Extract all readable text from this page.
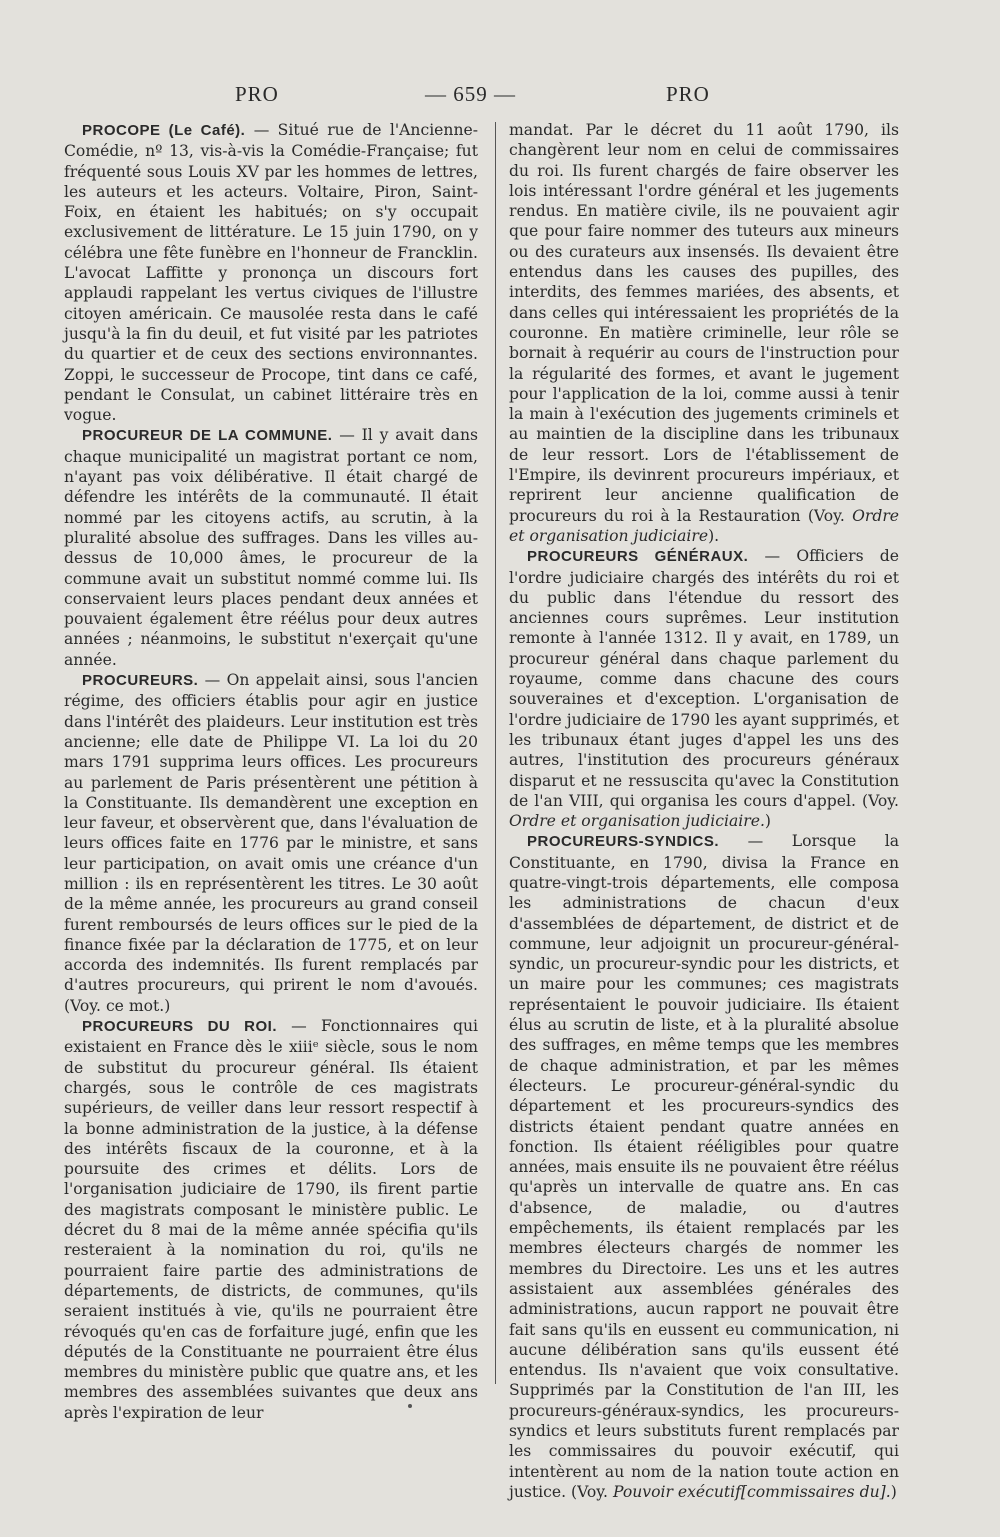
PRO	— 659 —	PRO

PROCOPE (Le Café). — Situé rue de l'Ancienne-Comédie, nº 13, vis-à-vis la Comédie-Française; fut fréquenté sous Louis XV par les hommes de lettres, les auteurs et les acteurs. Voltaire, Piron, Saint-Foix, en étaient les habitués; on s'y occupait exclusivement de littérature. Le 15 juin 1790, on y célébra une fête funèbre en l'honneur de Francklin. L'avocat Laffitte y prononça un discours fort applaudi rappelant les vertus civiques de l'illustre citoyen américain. Ce mausolée resta dans le café jusqu'à la fin du deuil, et fut visité par les patriotes du quartier et de ceux des sections environnantes. Zoppi, le successeur de Procope, tint dans ce café, pendant le Consulat, un cabinet littéraire très en vogue.

PROCUREUR DE LA COMMUNE. — Il y avait dans chaque municipalité un magistrat portant ce nom, n'ayant pas voix délibérative. Il était chargé de défendre les intérêts de la communauté. Il était nommé par les citoyens actifs, au scrutin, à la pluralité absolue des suffrages. Dans les villes au-dessus de 10,000 âmes, le procureur de la commune avait un substitut nommé comme lui. Ils conservaient leurs places pendant deux années et pouvaient également être réélus pour deux autres années ; néanmoins, le substitut n'exerçait qu'une année.

PROCUREURS. — On appelait ainsi, sous l'ancien régime, des officiers établis pour agir en justice dans l'intérêt des plaideurs. Leur institution est très ancienne; elle date de Philippe VI. La loi du 20 mars 1791 supprima leurs offices. Les procureurs au parlement de Paris présentèrent une pétition à la Constituante. Ils demandèrent une exception en leur faveur, et observèrent que, dans l'évaluation de leurs offices faite en 1776 par le ministre, et sans leur participation, on avait omis une créance d'un million : ils en représentèrent les titres. Le 30 août de la même année, les procureurs au grand conseil furent remboursés de leurs offices sur le pied de la finance fixée par la déclaration de 1775, et on leur accorda des indemnités. Ils furent remplacés par d'autres procureurs, qui prirent le nom d'avoués. (Voy. ce mot.)

PROCUREURS DU ROI. — Fonctionnaires qui existaient en France dès le xiiiᵉ siècle, sous le nom de substitut du procureur général. Ils étaient chargés, sous le contrôle de ces magistrats supérieurs, de veiller dans leur ressort respectif à la bonne administration de la justice, à la défense des intérêts fiscaux de la couronne, et à la poursuite des crimes et délits. Lors de l'organisation judiciaire de 1790, ils firent partie des magistrats composant le ministère public. Le décret du 8 mai de la même année spécifia qu'ils resteraient à la nomination du roi, qu'ils ne pourraient faire partie des administrations de départements, de districts, de communes, qu'ils seraient institués à vie, qu'ils ne pourraient être révoqués qu'en cas de forfaiture jugé, enfin que les députés de la Constituante ne pourraient être élus membres du ministère public que quatre ans, et les membres des assemblées suivantes que deux ans après l'expiration de leur

mandat. Par le décret du 11 août 1790, ils changèrent leur nom en celui de commissaires du roi. Ils furent chargés de faire observer les lois intéressant l'ordre général et les jugements rendus. En matière civile, ils ne pouvaient agir que pour faire nommer des tuteurs aux mineurs ou des curateurs aux insensés. Ils devaient être entendus dans les causes des pupilles, des interdits, des femmes mariées, des absents, et dans celles qui intéressaient les propriétés de la couronne. En matière criminelle, leur rôle se bornait à requérir au cours de l'instruction pour la régularité des formes, et avant le jugement pour l'application de la loi, comme aussi à tenir la main à l'exécution des jugements criminels et au maintien de la discipline dans les tribunaux de leur ressort. Lors de l'établissement de l'Empire, ils devinrent procureurs impériaux, et reprirent leur ancienne qualification de procureurs du roi à la Restauration (Voy. Ordre et organisation judiciaire).

PROCUREURS GÉNÉRAUX. — Officiers de l'ordre judiciaire chargés des intérêts du roi et du public dans l'étendue du ressort des anciennes cours suprêmes. Leur institution remonte à l'année 1312. Il y avait, en 1789, un procureur général dans chaque parlement du royaume, comme dans chacune des cours souveraines et d'exception. L'organisation de l'ordre judiciaire de 1790 les ayant supprimés, et les tribunaux étant juges d'appel les uns des autres, l'institution des procureurs généraux disparut et ne ressuscita qu'avec la Constitution de l'an VIII, qui organisa les cours d'appel. (Voy. Ordre et organisation judiciaire.)

PROCUREURS-SYNDICS. — Lorsque la Constituante, en 1790, divisa la France en quatre-vingt-trois départements, elle composa les administrations de chacun d'eux d'assemblées de département, de district et de commune, leur adjoignit un procureur-général-syndic, un procureur-syndic pour les districts, et un maire pour les communes; ces magistrats représentaient le pouvoir judiciaire. Ils étaient élus au scrutin de liste, et à la pluralité absolue des suffrages, en même temps que les membres de chaque administration, et par les mêmes électeurs. Le procureur-général-syndic du département et les procureurs-syndics des districts étaient pendant quatre années en fonction. Ils étaient rééligibles pour quatre années, mais ensuite ils ne pouvaient être réélus qu'après un intervalle de quatre ans. En cas d'absence, de maladie, ou d'autres empêchements, ils étaient remplacés par les membres électeurs chargés de nommer les membres du Directoire. Les uns et les autres assistaient aux assemblées générales des administrations, aucun rapport ne pouvait être fait sans qu'ils en eussent eu communication, ni aucune délibération sans qu'ils eussent été entendus. Ils n'avaient que voix consultative. Supprimés par la Constitution de l'an III, les procureurs-généraux-syndics, les procureurs-syndics et leurs substituts furent remplacés par les commissaires du pouvoir exécutif, qui intentèrent au nom de la nation toute action en justice. (Voy. Pouvoir exécutif[commissaires du].)
